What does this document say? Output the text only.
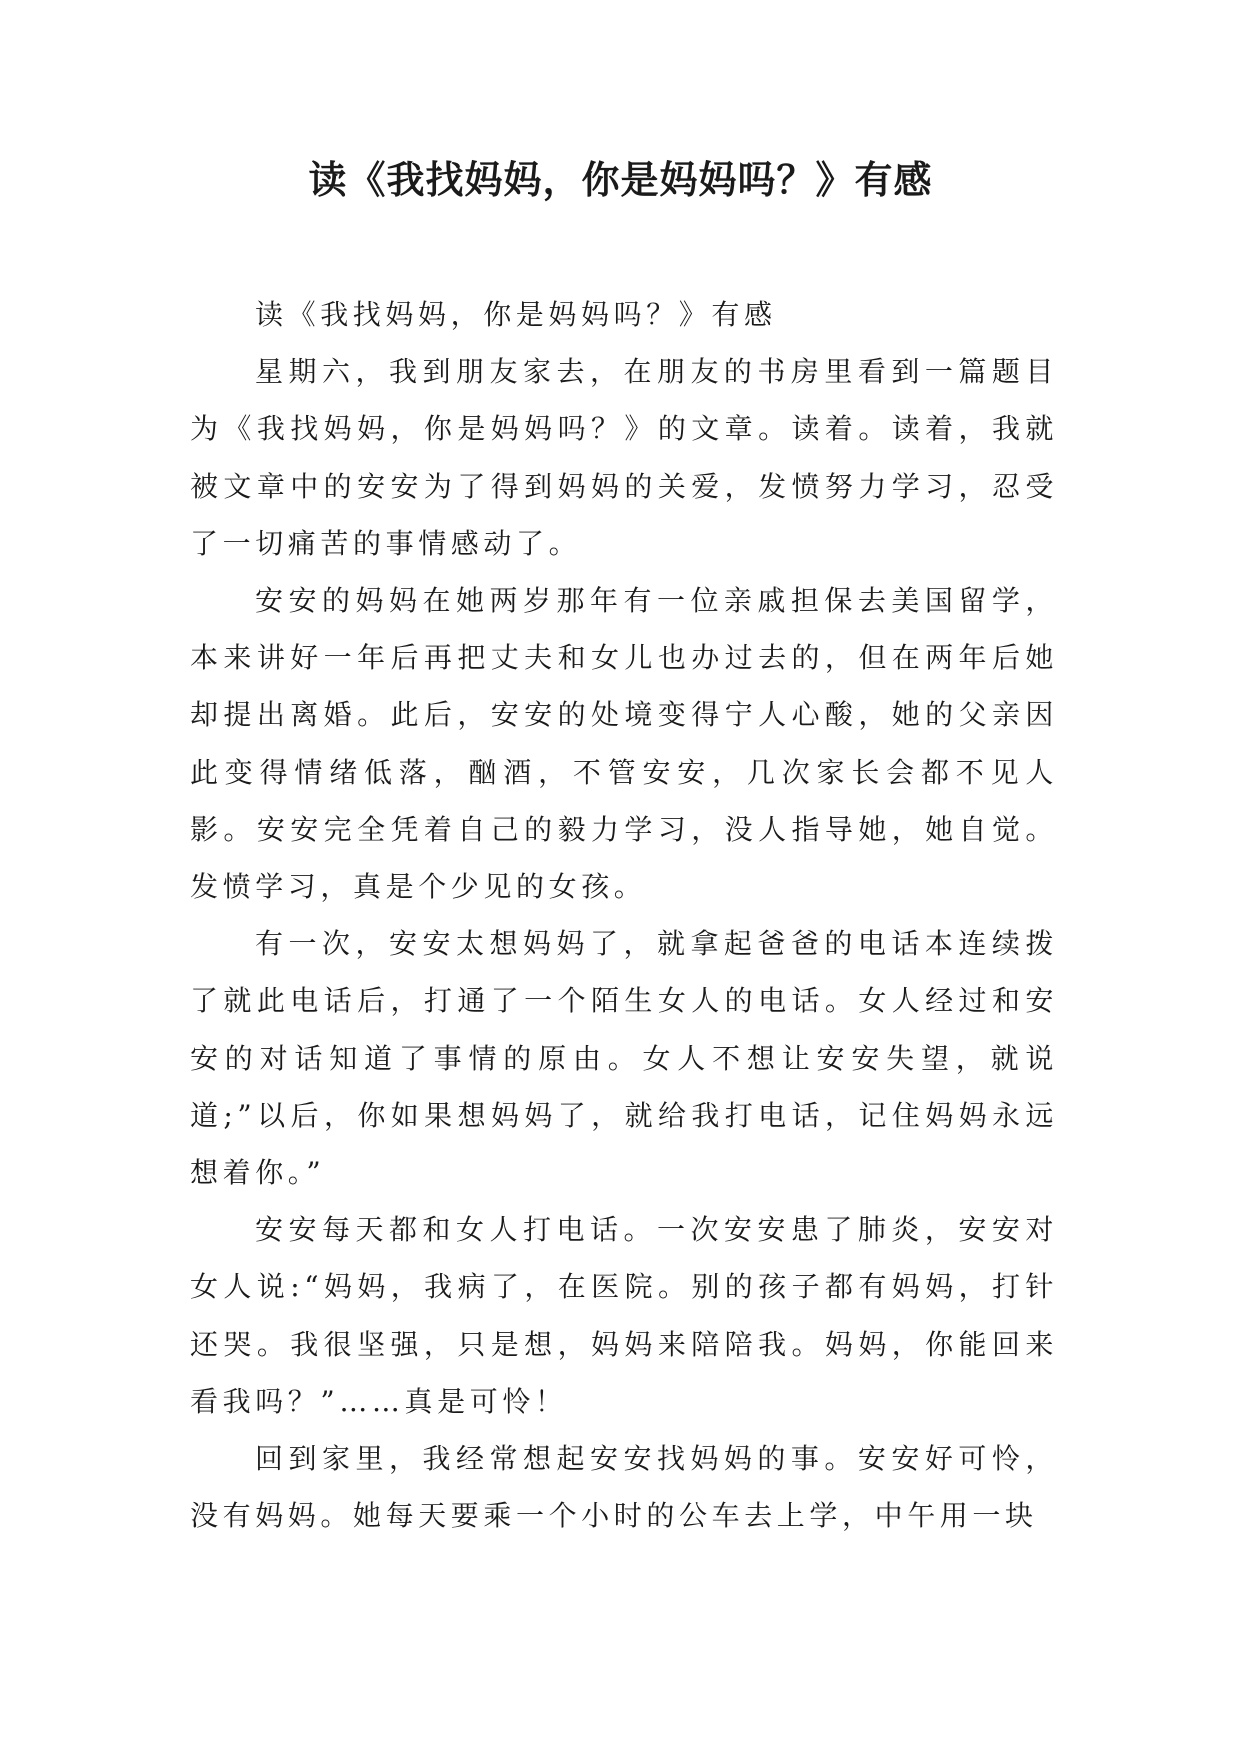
读《我找妈妈，你是妈妈吗？》有感

读《我找妈妈，你是妈妈吗？》有感

星期六，我到朋友家去，在朋友的书房里看到一篇题目为《我找妈妈，你是妈妈吗？》的文章。读着。读着，我就被文章中的安安为了得到妈妈的关爱，发愤努力学习，忍受了一切痛苦的事情感动了。

安安的妈妈在她两岁那年有一位亲戚担保去美国留学，本来讲好一年后再把丈夫和女儿也办过去的，但在两年后她却提出离婚。此后，安安的处境变得宁人心酸，她的父亲因此变得情绪低落，酗酒，不管安安，几次家长会都不见人影。安安完全凭着自己的毅力学习，没人指导她，她自觉。发愤学习，真是个少见的女孩。

有一次，安安太想妈妈了，就拿起爸爸的电话本连续拨了就此电话后，打通了一个陌生女人的电话。女人经过和安安的对话知道了事情的原由。女人不想让安安失望，就说道;”以后，你如果想妈妈了，就给我打电话，记住妈妈永远想着你。”

安安每天都和女人打电话。一次安安患了肺炎，安安对女人说:“妈妈，我病了，在医院。别的孩子都有妈妈，打针还哭。我很坚强，只是想，妈妈来陪陪我。妈妈，你能回来看我吗？”……真是可怜！

回到家里，我经常想起安安找妈妈的事。安安好可怜，没有妈妈。她每天要乘一个小时的公车去上学，中午用一块
